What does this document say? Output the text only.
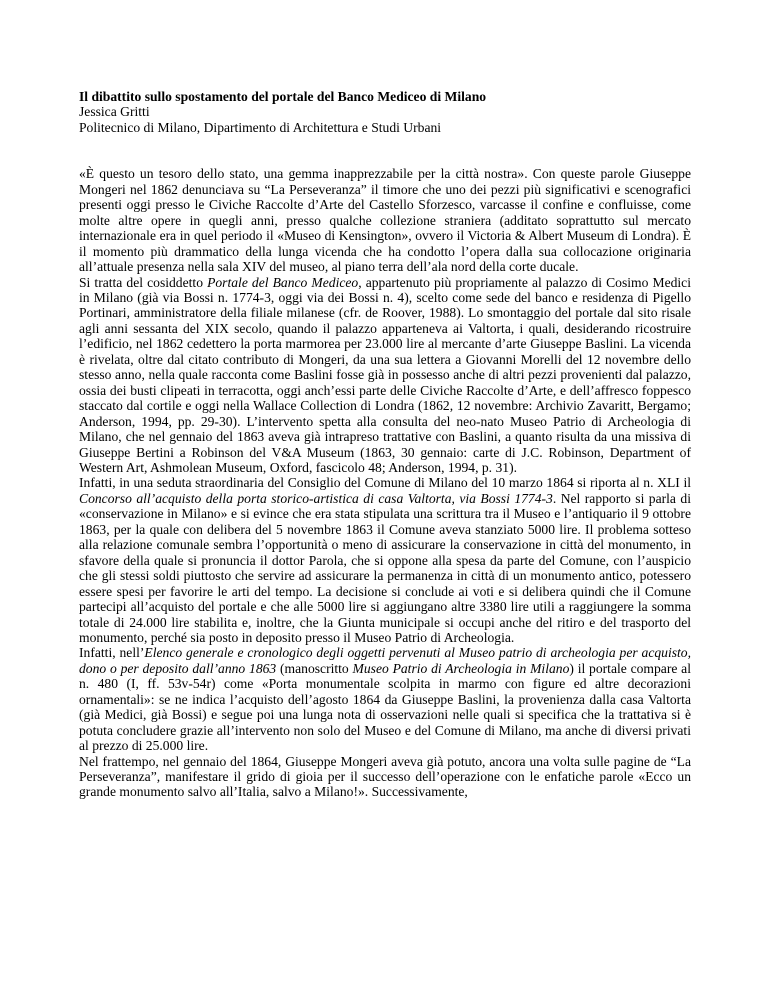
Il dibattito sullo spostamento del portale del Banco Mediceo di Milano
Jessica Gritti
Politecnico di Milano, Dipartimento di Architettura e Studi Urbani

«È questo un tesoro dello stato, una gemma inapprezzabile per la città nostra». Con queste parole Giuseppe Mongeri nel 1862 denunciava su “La Perseveranza” il timore che uno dei pezzi più significativi e scenografici presenti oggi presso le Civiche Raccolte d’Arte del Castello Sforzesco, varcasse il confine e confluisse, come molte altre opere in quegli anni, presso qualche collezione straniera (additato soprattutto sul mercato internazionale era in quel periodo il «Museo di Kensington», ovvero il Victoria & Albert Museum di Londra). È il momento più drammatico della lunga vicenda che ha condotto l’opera dalla sua collocazione originaria all’attuale presenza nella sala XIV del museo, al piano terra dell’ala nord della corte ducale.

Si tratta del cosiddetto Portale del Banco Mediceo, appartenuto più propriamente al palazzo di Cosimo Medici in Milano (già via Bossi n. 1774-3, oggi via dei Bossi n. 4), scelto come sede del banco e residenza di Pigello Portinari, amministratore della filiale milanese (cfr. de Roover, 1988). Lo smontaggio del portale dal sito risale agli anni sessanta del XIX secolo, quando il palazzo apparteneva ai Valtorta, i quali, desiderando ricostruire l’edificio, nel 1862 cedettero la porta marmorea per 23.000 lire al mercante d’arte Giuseppe Baslini. La vicenda è rivelata, oltre dal citato contributo di Mongeri, da una sua lettera a Giovanni Morelli del 12 novembre dello stesso anno, nella quale racconta come Baslini fosse già in possesso anche di altri pezzi provenienti dal palazzo, ossia dei busti clipeati in terracotta, oggi anch’essi parte delle Civiche Raccolte d’Arte, e dell’affresco foppesco staccato dal cortile e oggi nella Wallace Collection di Londra (1862, 12 novembre: Archivio Zavaritt, Bergamo; Anderson, 1994, pp. 29-30). L’intervento spetta alla consulta del neo-nato Museo Patrio di Archeologia di Milano, che nel gennaio del 1863 aveva già intrapreso trattative con Baslini, a quanto risulta da una missiva di Giuseppe Bertini a Robinson del V&A Museum (1863, 30 gennaio: carte di J.C. Robinson, Department of Western Art, Ashmolean Museum, Oxford, fascicolo 48; Anderson, 1994, p. 31).

Infatti, in una seduta straordinaria del Consiglio del Comune di Milano del 10 marzo 1864 si riporta al n. XLI il Concorso all’acquisto della porta storico-artistica di casa Valtorta, via Bossi 1774-3. Nel rapporto si parla di «conservazione in Milano» e si evince che era stata stipulata una scrittura tra il Museo e l’antiquario il 9 ottobre 1863, per la quale con delibera del 5 novembre 1863 il Comune aveva stanziato 5000 lire. Il problema sotteso alla relazione comunale sembra l’opportunità o meno di assicurare la conservazione in città del monumento, in sfavore della quale si pronuncia il dottor Parola, che si oppone alla spesa da parte del Comune, con l’auspicio che gli stessi soldi piuttosto che servire ad assicurare la permanenza in città di un monumento antico, potessero essere spesi per favorire le arti del tempo. La decisione si conclude ai voti e si delibera quindi che il Comune partecipi all’acquisto del portale e che alle 5000 lire si aggiungano altre 3380 lire utili a raggiungere la somma totale di 24.000 lire stabilita e, inoltre, che la Giunta municipale si occupi anche del ritiro e del trasporto del monumento, perché sia posto in deposito presso il Museo Patrio di Archeologia.

Infatti, nell’Elenco generale e cronologico degli oggetti pervenuti al Museo patrio di archeologia per acquisto, dono o per deposito dall’anno 1863 (manoscritto Museo Patrio di Archeologia in Milano) il portale compare al n. 480 (I, ff. 53v-54r) come «Porta monumentale scolpita in marmo con figure ed altre decorazioni ornamentali»: se ne indica l’acquisto dell’agosto 1864 da Giuseppe Baslini, la provenienza dalla casa Valtorta (già Medici, già Bossi) e segue poi una lunga nota di osservazioni nelle quali si specifica che la trattativa si è potuta concludere grazie all’intervento non solo del Museo e del Comune di Milano, ma anche di diversi privati al prezzo di 25.000 lire.

Nel frattempo, nel gennaio del 1864, Giuseppe Mongeri aveva già potuto, ancora una volta sulle pagine de “La Perseveranza”, manifestare il grido di gioia per il successo dell’operazione con le enfatiche parole «Ecco un grande monumento salvo all’Italia, salvo a Milano!». Successivamente,
